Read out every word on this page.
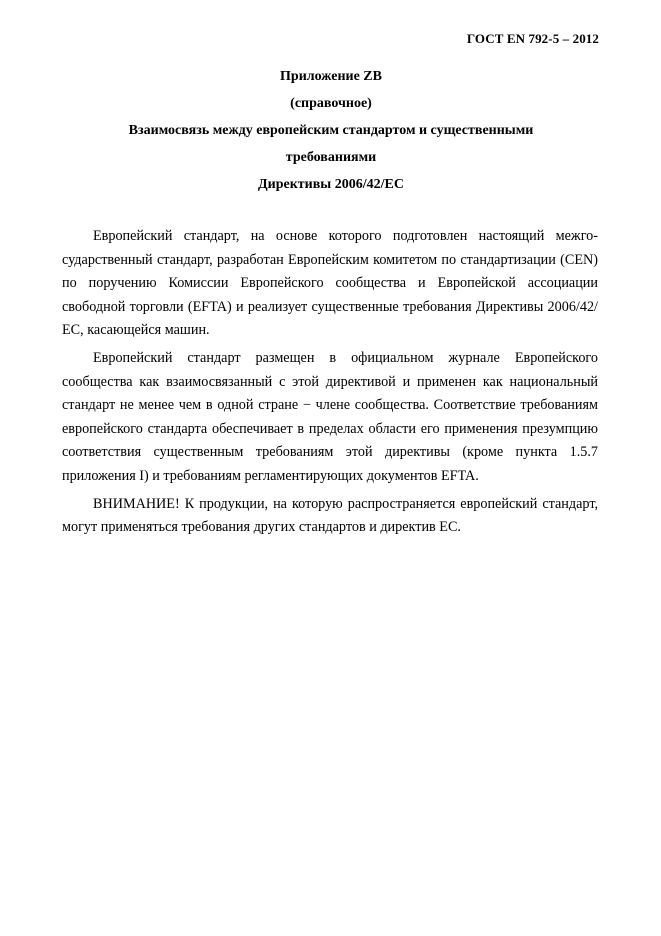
ГОСТ EN 792-5 – 2012
Приложение ZB
(справочное)
Взаимосвязь между европейским стандартом и существенными
требованиями
Директивы 2006/42/ЕС

Европейский стандарт, на основе которого подготовлен настоящий межгосударственный стандарт, разработан Европейским комитетом по стандартизации (CEN) по поручению Комиссии Европейского сообщества и Европейской ассоциации свободной торговли (EFTA) и реализует существенные требования Директивы 2006/42/ЕС, касающейся машин.

Европейский стандарт размещен в официальном журнале Европейского сообщества как взаимосвязанный с этой директивой и применен как национальный стандарт не менее чем в одной стране − члене сообщества. Соответствие требованиям европейского стандарта обеспечивает в пределах области его применения презумпцию соответствия существенным требованиям этой директивы (кроме пункта 1.5.7 приложения I) и требованиям регламентирующих документов EFTA.

ВНИМАНИЕ! К продукции, на которую распространяется европейский стандарт, могут применяться требования других стандартов и директив ЕС.
